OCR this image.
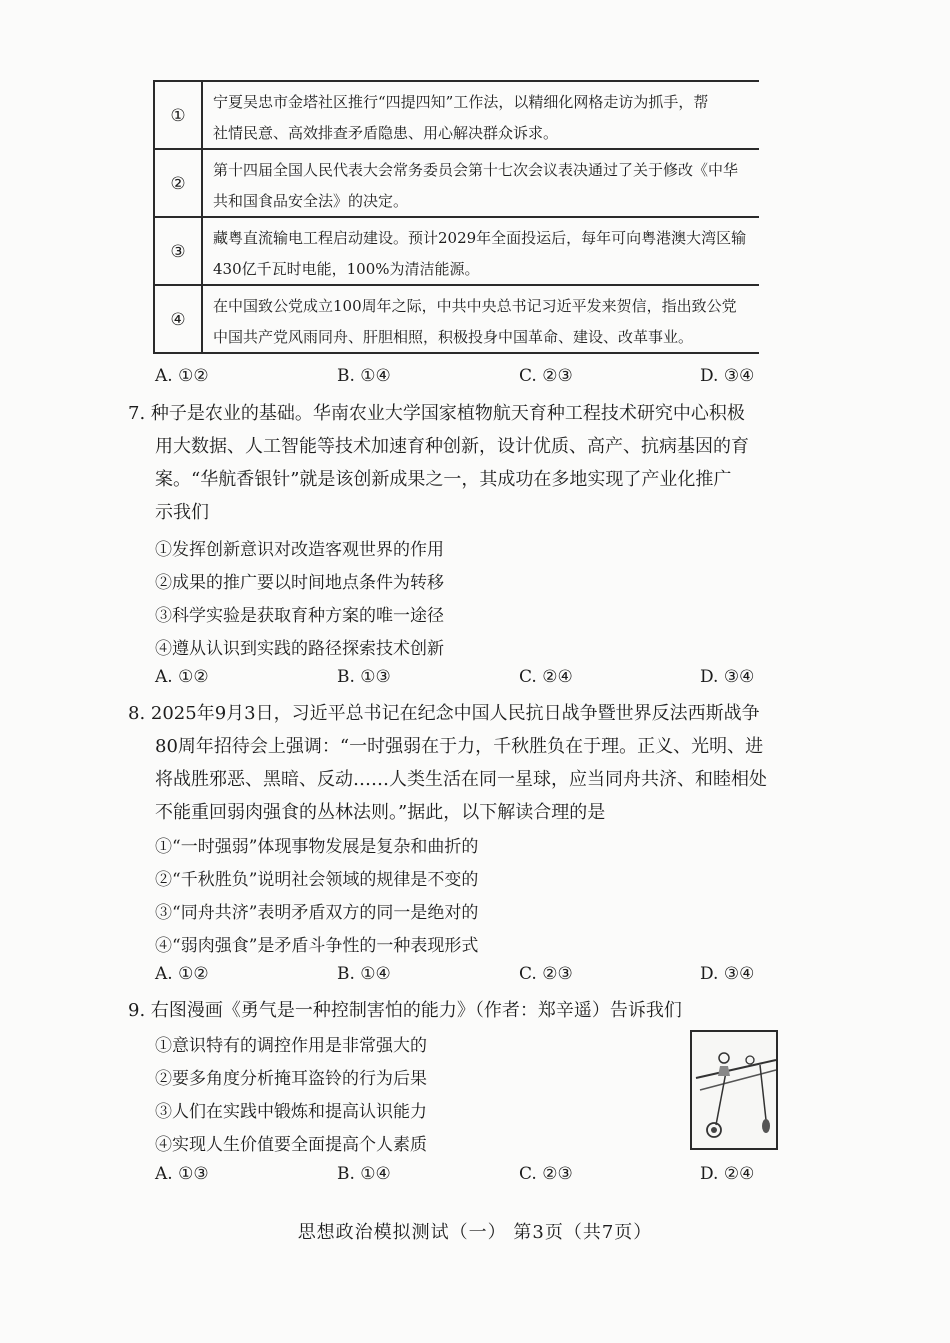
①
宁夏吴忠市金塔社区推行“四提四知”工作法，以精细化网格走访为抓手，帮
社情民意、高效排查矛盾隐患、用心解决群众诉求。
②
第十四届全国人民代表大会常务委员会第十七次会议表决通过了关于修改《中华
共和国食品安全法》的决定。
③
藏粤直流输电工程启动建设。预计2029年全面投运后，每年可向粤港澳大湾区输
430亿千瓦时电能，100%为清洁能源。
④
在中国致公党成立100周年之际，中共中央总书记习近平发来贺信，指出致公党
中国共产党风雨同舟、肝胆相照，积极投身中国革命、建设、改革事业。
A. ①②	B. ①④	C. ②③	D. ③④
7. 种子是农业的基础。华南农业大学国家植物航天育种工程技术研究中心积极
用大数据、人工智能等技术加速育种创新，设计优质、高产、抗病基因的育
案。“华航香银针”就是该创新成果之一，其成功在多地实现了产业化推广
示我们
①发挥创新意识对改造客观世界的作用
②成果的推广要以时间地点条件为转移
③科学实验是获取育种方案的唯一途径
④遵从认识到实践的路径探索技术创新
A. ①②	B. ①③	C. ②④	D. ③④
8. 2025年9月3日，习近平总书记在纪念中国人民抗日战争暨世界反法西斯战争
80周年招待会上强调：“一时强弱在于力，千秋胜负在于理。正义、光明、进
将战胜邪恶、黑暗、反动……人类生活在同一星球，应当同舟共济、和睦相处
不能重回弱肉强食的丛林法则。”据此，以下解读合理的是
①“一时强弱”体现事物发展是复杂和曲折的
②“千秋胜负”说明社会领域的规律是不变的
③“同舟共济”表明矛盾双方的同一是绝对的
④“弱肉强食”是矛盾斗争性的一种表现形式
A. ①②	B. ①④	C. ②③	D. ③④
9. 右图漫画《勇气是一种控制害怕的能力》（作者：郑辛遥）告诉我们
①意识特有的调控作用是非常强大的
②要多角度分析掩耳盗铃的行为后果
③人们在实践中锻炼和提高认识能力
④实现人生价值要全面提高个人素质
A. ①③	B. ①④	C. ②③	D. ②④
思想政治模拟测试（一） 第3页（共7页）
